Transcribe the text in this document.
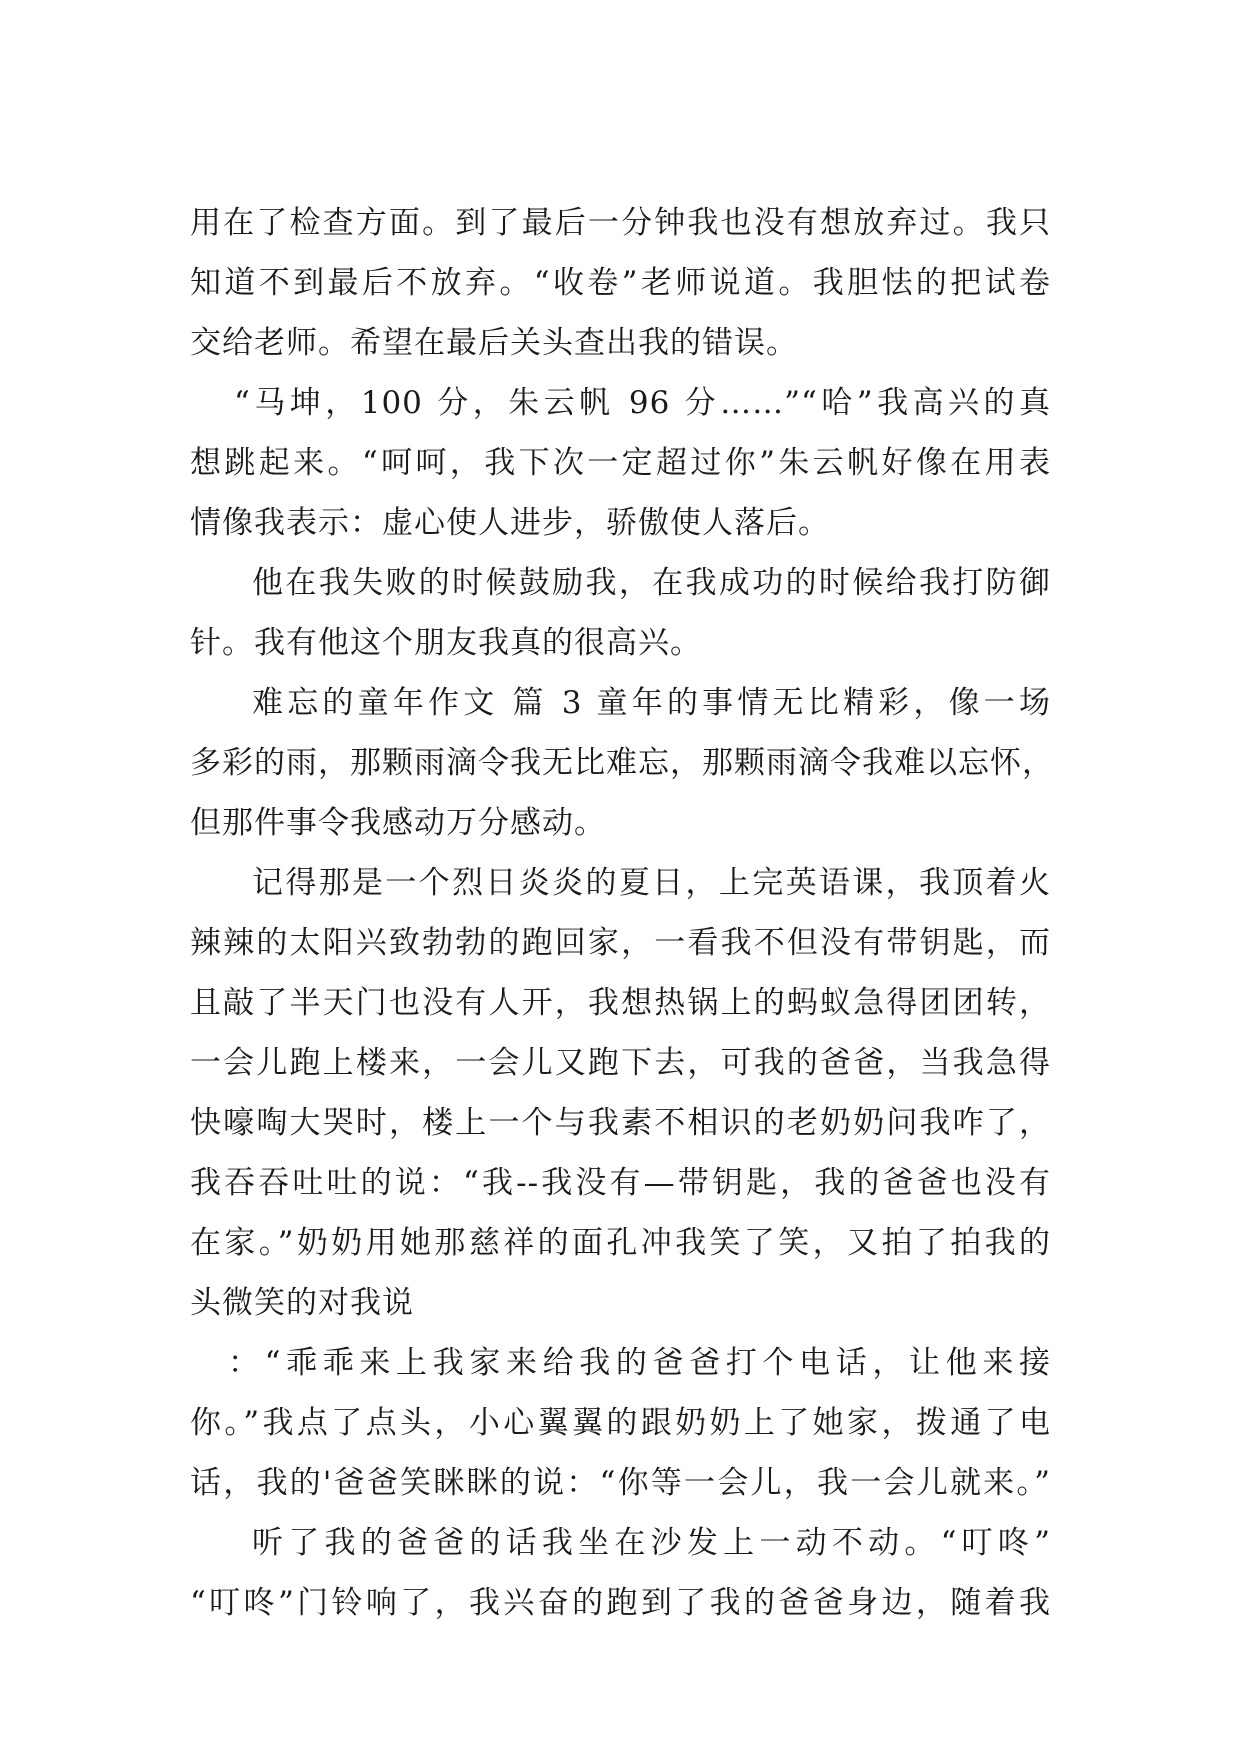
用在了检查方面。到了最后一分钟我也没有想放弃过。我只
知道不到最后不放弃。“收卷”老师说道。我胆怯的把试卷
交给老师。希望在最后关头查出我的错误。
“马坤，100 分，朱云帆 96 分……”“哈”我高兴的真
想跳起来。“呵呵，我下次一定超过你”朱云帆好像在用表
情像我表示：虚心使人进步，骄傲使人落后。
他在我失败的时候鼓励我，在我成功的时候给我打防御
针。我有他这个朋友我真的很高兴。
难忘的童年作文 篇 3 童年的事情无比精彩，像一场
多彩的雨，那颗雨滴令我无比难忘，那颗雨滴令我难以忘怀，
但那件事令我感动万分感动。
记得那是一个烈日炎炎的夏日，上完英语课，我顶着火
辣辣的太阳兴致勃勃的跑回家，一看我不但没有带钥匙，而
且敲了半天门也没有人开，我想热锅上的蚂蚁急得团团转，
一会儿跑上楼来，一会儿又跑下去，可我的爸爸，当我急得
快嚎啕大哭时，楼上一个与我素不相识的老奶奶问我咋了，
我吞吞吐吐的说：“我--我没有—带钥匙，我的爸爸也没有
在家。”奶奶用她那慈祥的面孔冲我笑了笑，又拍了拍我的
头微笑的对我说
：“乖乖来上我家来给我的爸爸打个电话，让他来接
你。”我点了点头，小心翼翼的跟奶奶上了她家，拨通了电
话，我的'爸爸笑眯眯的说：“你等一会儿，我一会儿就来。”
听了我的爸爸的话我坐在沙发上一动不动。“叮咚”
“叮咚”门铃响了，我兴奋的跑到了我的爸爸身边，随着我
